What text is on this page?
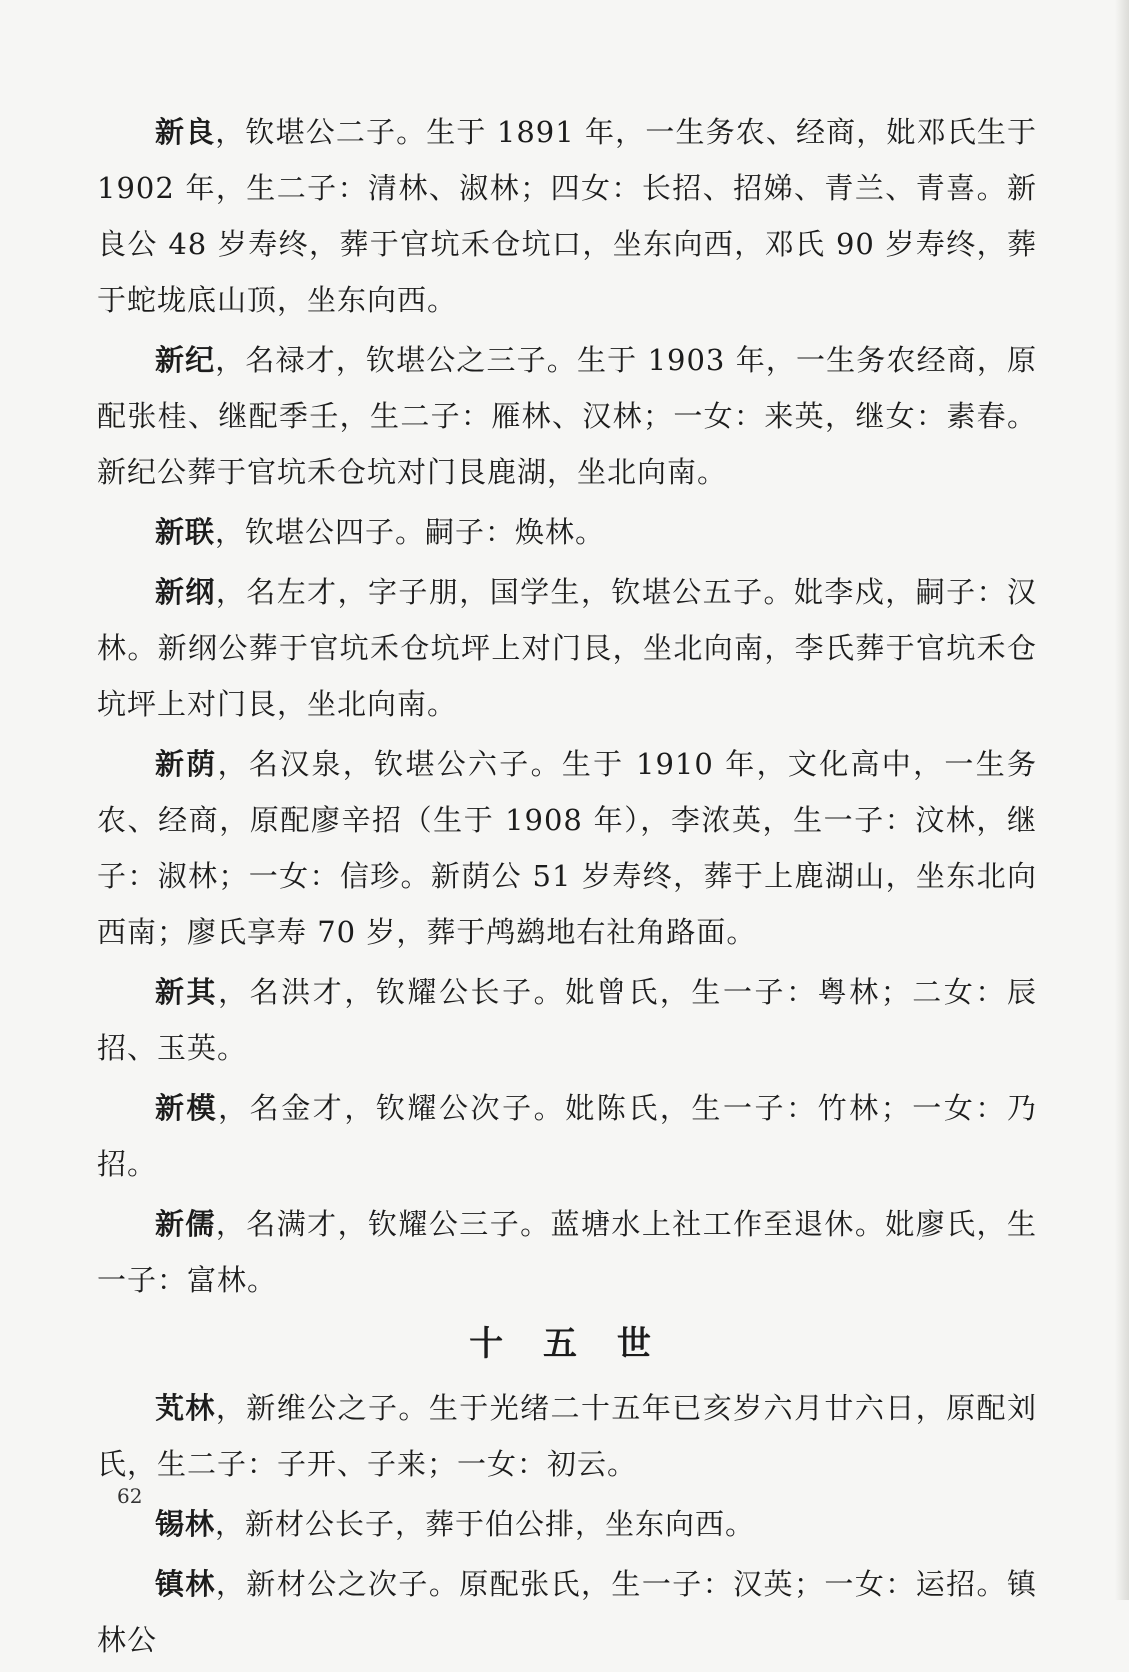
新良，钦堪公二子。生于 1891 年，一生务农、经商，妣邓氏生于 1902 年，生二子：清林、淑林；四女：长招、招娣、青兰、青喜。新良公 48 岁寿终，葬于官坑禾仓坑口，坐东向西，邓氏 90 岁寿终，葬于蛇垅底山顶，坐东向西。

新纪，名禄才，钦堪公之三子。生于 1903 年，一生务农经商，原配张桂、继配季壬，生二子：雁林、汉林；一女：来英，继女：素春。新纪公葬于官坑禾仓坑对门艮鹿湖，坐北向南。

新联，钦堪公四子。嗣子：焕林。

新纲，名左才，字子朋，国学生，钦堪公五子。妣李戍，嗣子：汉林。新纲公葬于官坑禾仓坑坪上对门艮，坐北向南，李氏葬于官坑禾仓坑坪上对门艮，坐北向南。

新荫，名汉泉，钦堪公六子。生于 1910 年，文化高中，一生务农、经商，原配廖辛招（生于 1908 年），李浓英，生一子：汶林，继子：淑林；一女：信珍。新荫公 51 岁寿终，葬于上鹿湖山，坐东北向西南；廖氏享寿 70 岁，葬于鸬鹚地右社角路面。

新其，名洪才，钦耀公长子。妣曾氏，生一子：粤林；二女：辰招、玉英。

新模，名金才，钦耀公次子。妣陈氏，生一子：竹林；一女：乃招。

新儒，名满才，钦耀公三子。蓝塘水上社工作至退休。妣廖氏，生一子：富林。

十 五 世

芄林，新维公之子。生于光绪二十五年已亥岁六月廿六日，原配刘氏，生二子：子开、子来；一女：初云。

锡林，新材公长子，葬于伯公排，坐东向西。

镇林，新材公之次子。原配张氏，生一子：汉英；一女：运招。镇林公

62
